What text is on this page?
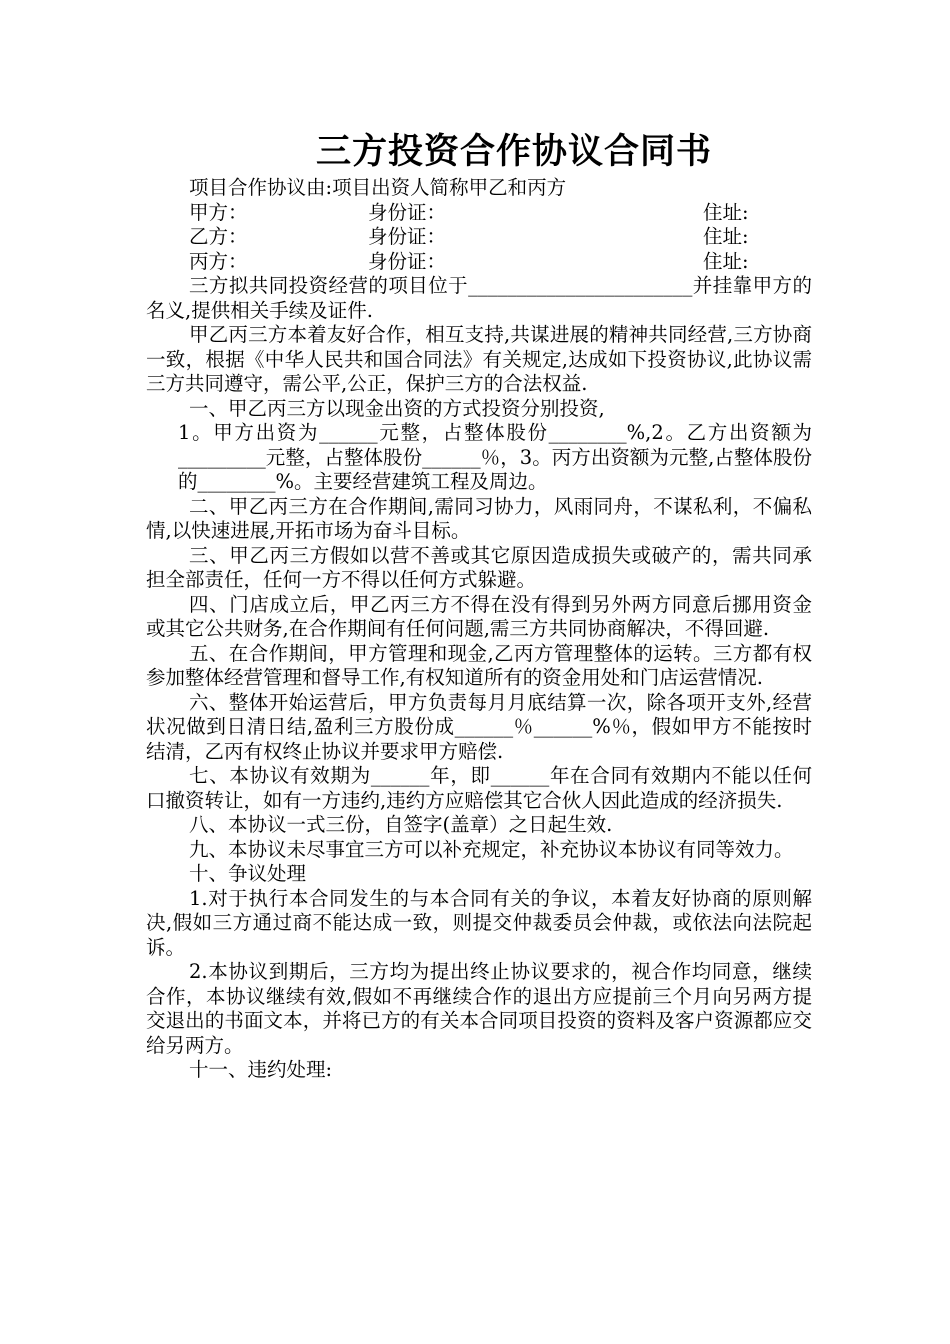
三方投资合作协议合同书

项目合作协议由:项目出资人简称甲乙和丙方

甲方：	身份证：	住址:
乙方：	身份证：	住址:
丙方：	身份证：	住址:

三方拟共同投资经营的项目位于_______________________并挂靠甲方的名义,提供相关手续及证件.

甲乙丙三方本着友好合作，相互支持,共谋进展的精神共同经营,三方协商一致，根据《中华人民共和国合同法》有关规定,达成如下投资协议,此协议需三方共同遵守，需公平,公正，保护三方的合法权益.

一、甲乙丙三方以现金出资的方式投资分别投资,

1。甲方出资为______元整，占整体股份________%,2。乙方出资额为_________元整，占整体股份______％，3。丙方出资额为元整,占整体股份的________%。主要经营建筑工程及周边。

二、甲乙丙三方在合作期间,需同习协力，风雨同舟，不谋私利，不偏私情,以快速进展,开拓市场为奋斗目标。

三、甲乙丙三方假如以营不善或其它原因造成损失或破产的，需共同承担全部责任，任何一方不得以任何方式躲避。

四、门店成立后，甲乙丙三方不得在没有得到另外两方同意后挪用资金或其它公共财务,在合作期间有任何问题,需三方共同协商解决，不得回避.

五、在合作期间，甲方管理和现金,乙丙方管理整体的运转。三方都有权参加整体经营管理和督导工作,有权知道所有的资金用处和门店运营情况.

六、整体开始运营后，甲方负责每月月底结算一次，除各项开支外,经营状况做到日清日结,盈利三方股份成______％______%％，假如甲方不能按时结清，乙丙有权终止协议并要求甲方赔偿.

七、本协议有效期为______年，即______年在合同有效期内不能以任何口撤资转让，如有一方违约,违约方应赔偿其它合伙人因此造成的经济损失.

八、本协议一式三份，自签字(盖章）之日起生效.

九、本协议未尽事宜三方可以补充规定，补充协议本协议有同等效力。

十、争议处理

1.对于执行本合同发生的与本合同有关的争议，本着友好协商的原则解决,假如三方通过商不能达成一致，则提交仲裁委员会仲裁，或依法向法院起诉。

2.本协议到期后，三方均为提出终止协议要求的，视合作均同意，继续合作，本协议继续有效,假如不再继续合作的退出方应提前三个月向另两方提交退出的书面文本，并将已方的有关本合同项目投资的资料及客户资源都应交给另两方。

十一、违约处理:
